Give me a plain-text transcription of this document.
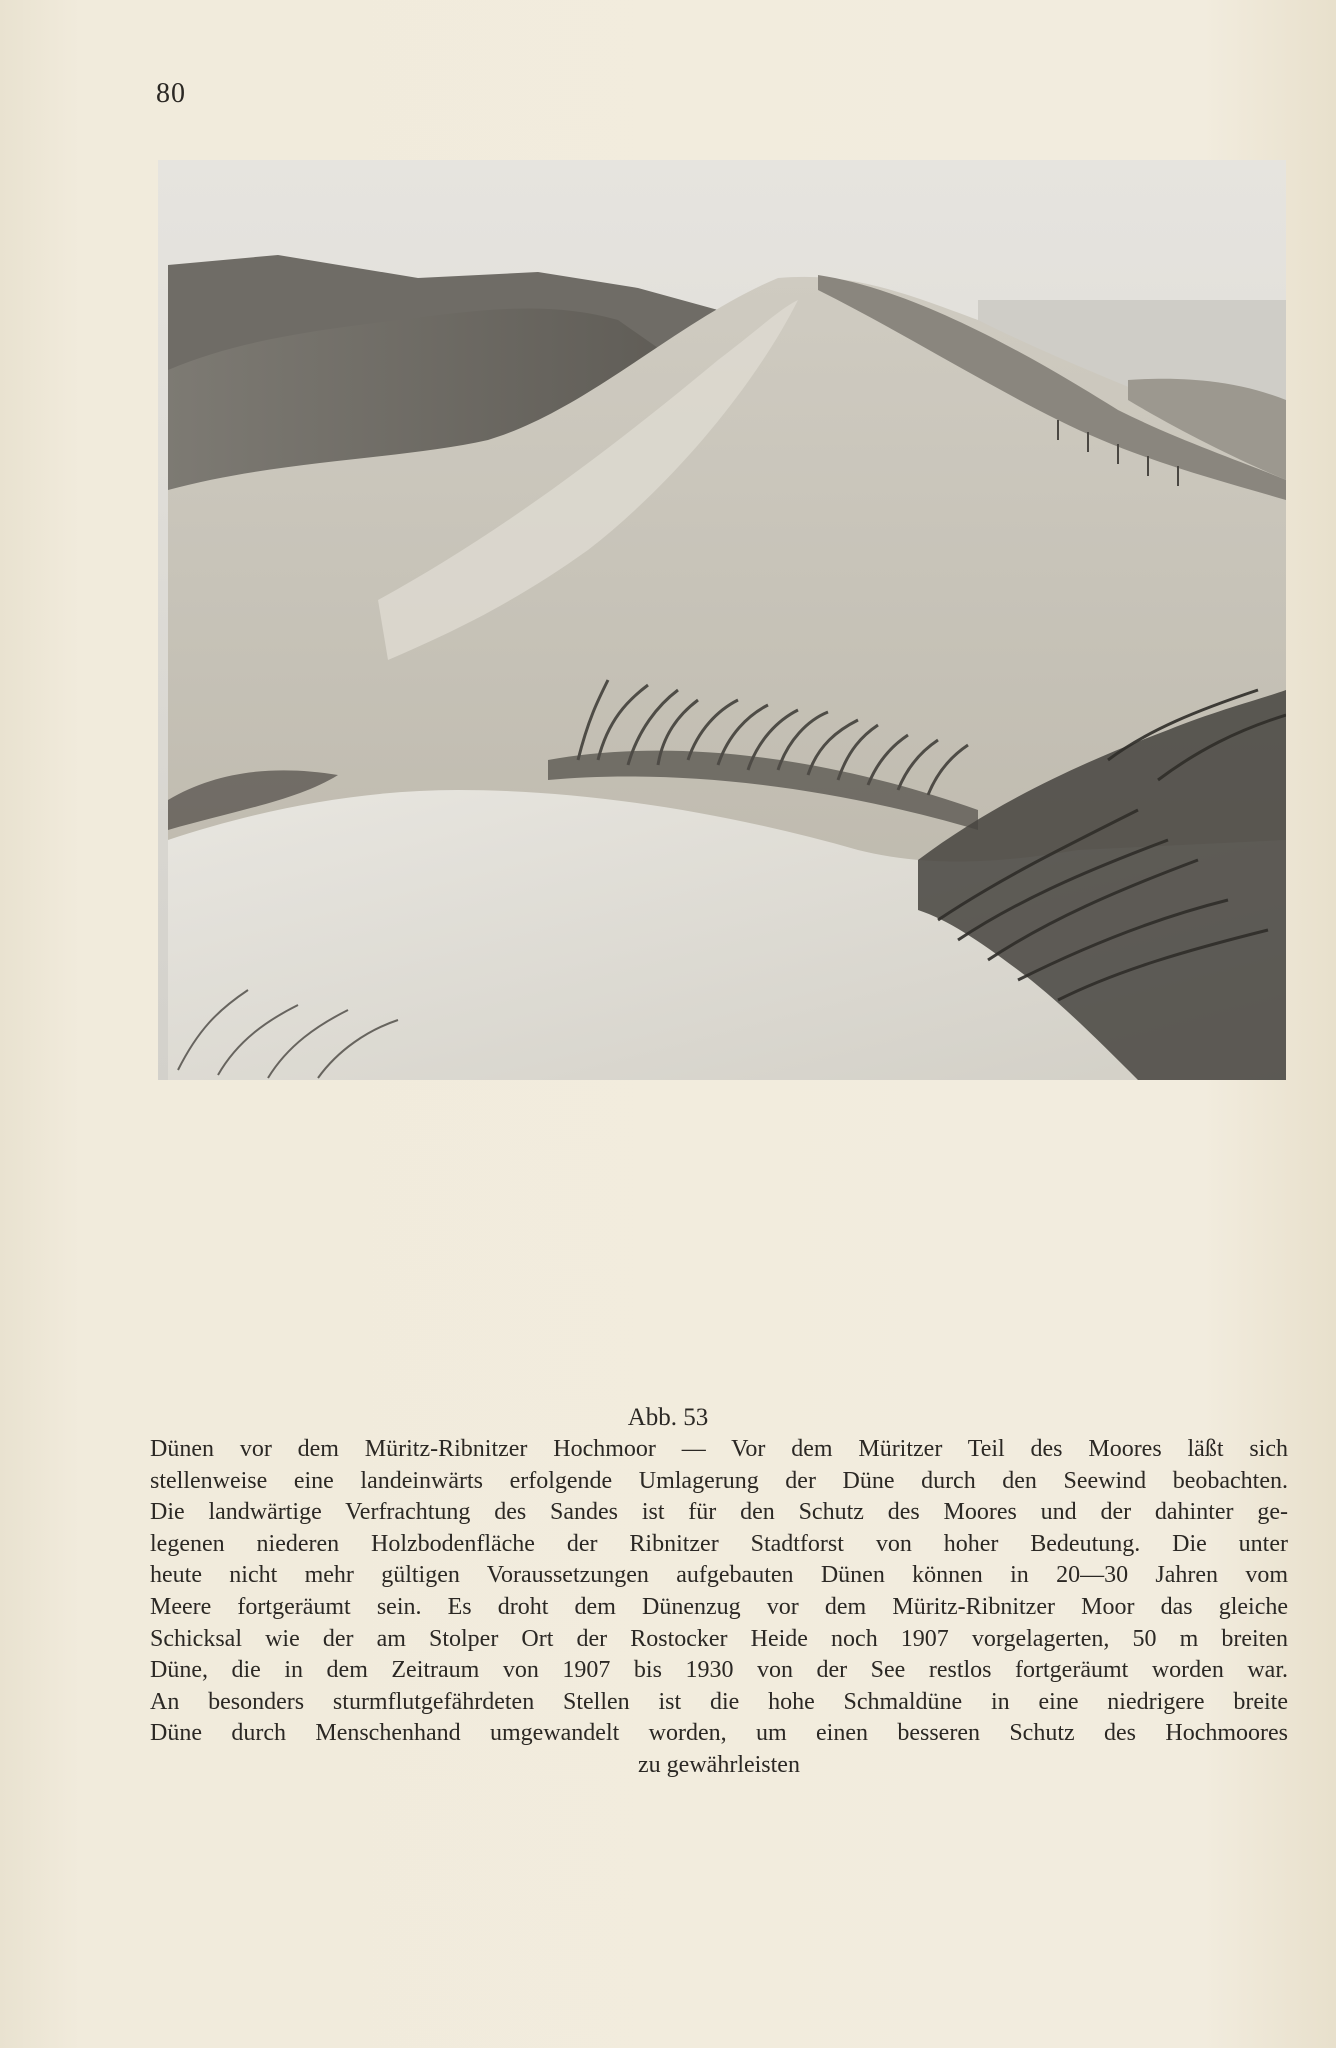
80
Abb. 53
Dünen vor dem Müritz-Ribnitzer Hochmoor — Vor dem Müritzer Teil des Moores läßt sich
stellenweise eine landeinwärts erfolgende Umlagerung der Düne durch den Seewind beobachten.
Die landwärtige Verfrachtung des Sandes ist für den Schutz des Moores und der dahinter ge-
legenen niederen Holzbodenfläche der Ribnitzer Stadtforst von hoher Bedeutung. Die unter
heute nicht mehr gültigen Voraussetzungen aufgebauten Dünen können in 20—30 Jahren vom
Meere fortgeräumt sein. Es droht dem Dünenzug vor dem Müritz-Ribnitzer Moor das gleiche
Schicksal wie der am Stolper Ort der Rostocker Heide noch 1907 vorgelagerten, 50 m breiten
Düne, die in dem Zeitraum von 1907 bis 1930 von der See restlos fortgeräumt worden war.
An besonders sturmflutgefährdeten Stellen ist die hohe Schmaldüne in eine niedrigere breite
Düne durch Menschenhand umgewandelt worden, um einen besseren Schutz des Hochmoores
zu gewährleisten
